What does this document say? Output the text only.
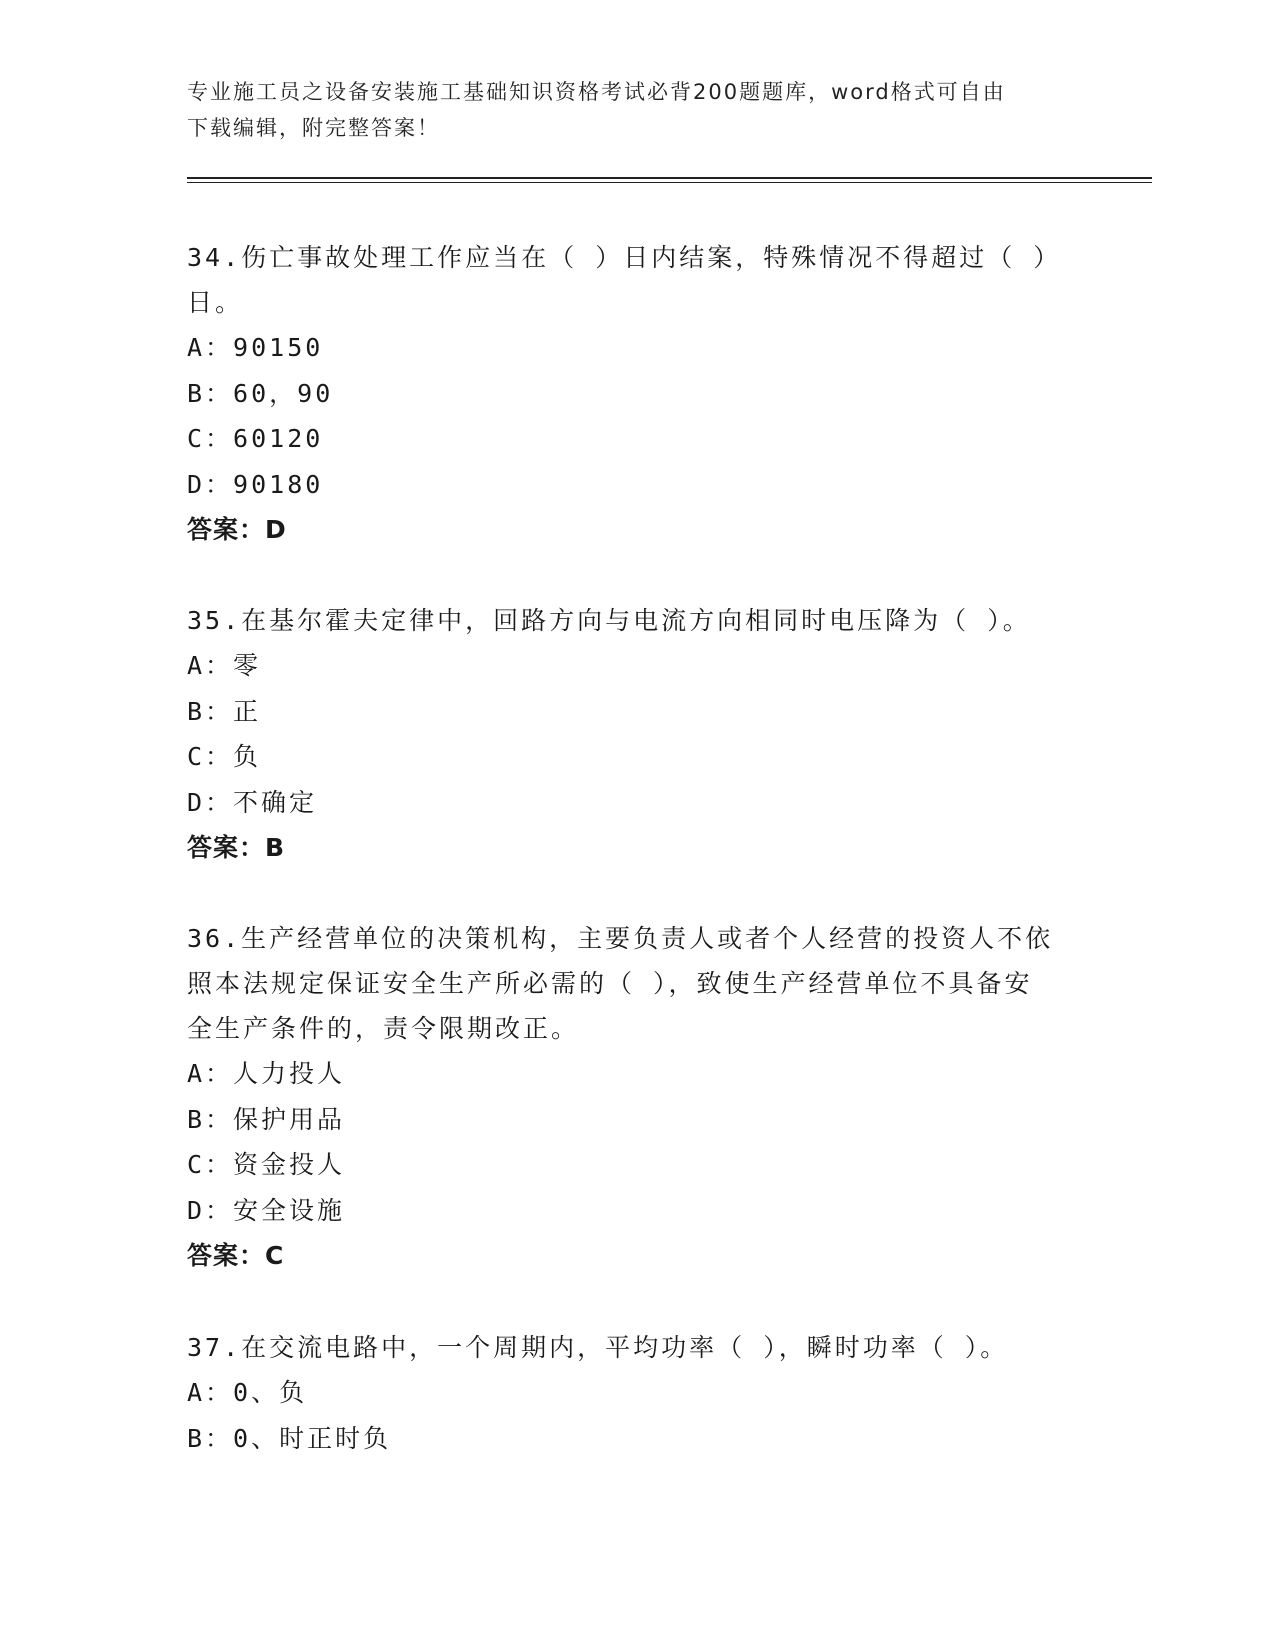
专业施工员之设备安装施工基础知识资格考试必背200题题库，word格式可自由
下载编辑，附完整答案！
34.伤亡事故处理工作应当在（ ）日内结案，特殊情况不得超过（ ）
日。
A：90150
B：60，90
C：60120
D：90180
答案：D
35.在基尔霍夫定律中，回路方向与电流方向相同时电压降为（ ）。
A：零
B：正
C：负
D：不确定
答案：B
36.生产经营单位的决策机构，主要负责人或者个人经营的投资人不依
照本法规定保证安全生产所必需的（ ），致使生产经营单位不具备安
全生产条件的，责令限期改正。
A：人力投人
B：保护用品
C：资金投人
D：安全设施
答案：C
37.在交流电路中，一个周期内，平均功率（ ），瞬时功率（ ）。
A：0、负
B：0、时正时负
